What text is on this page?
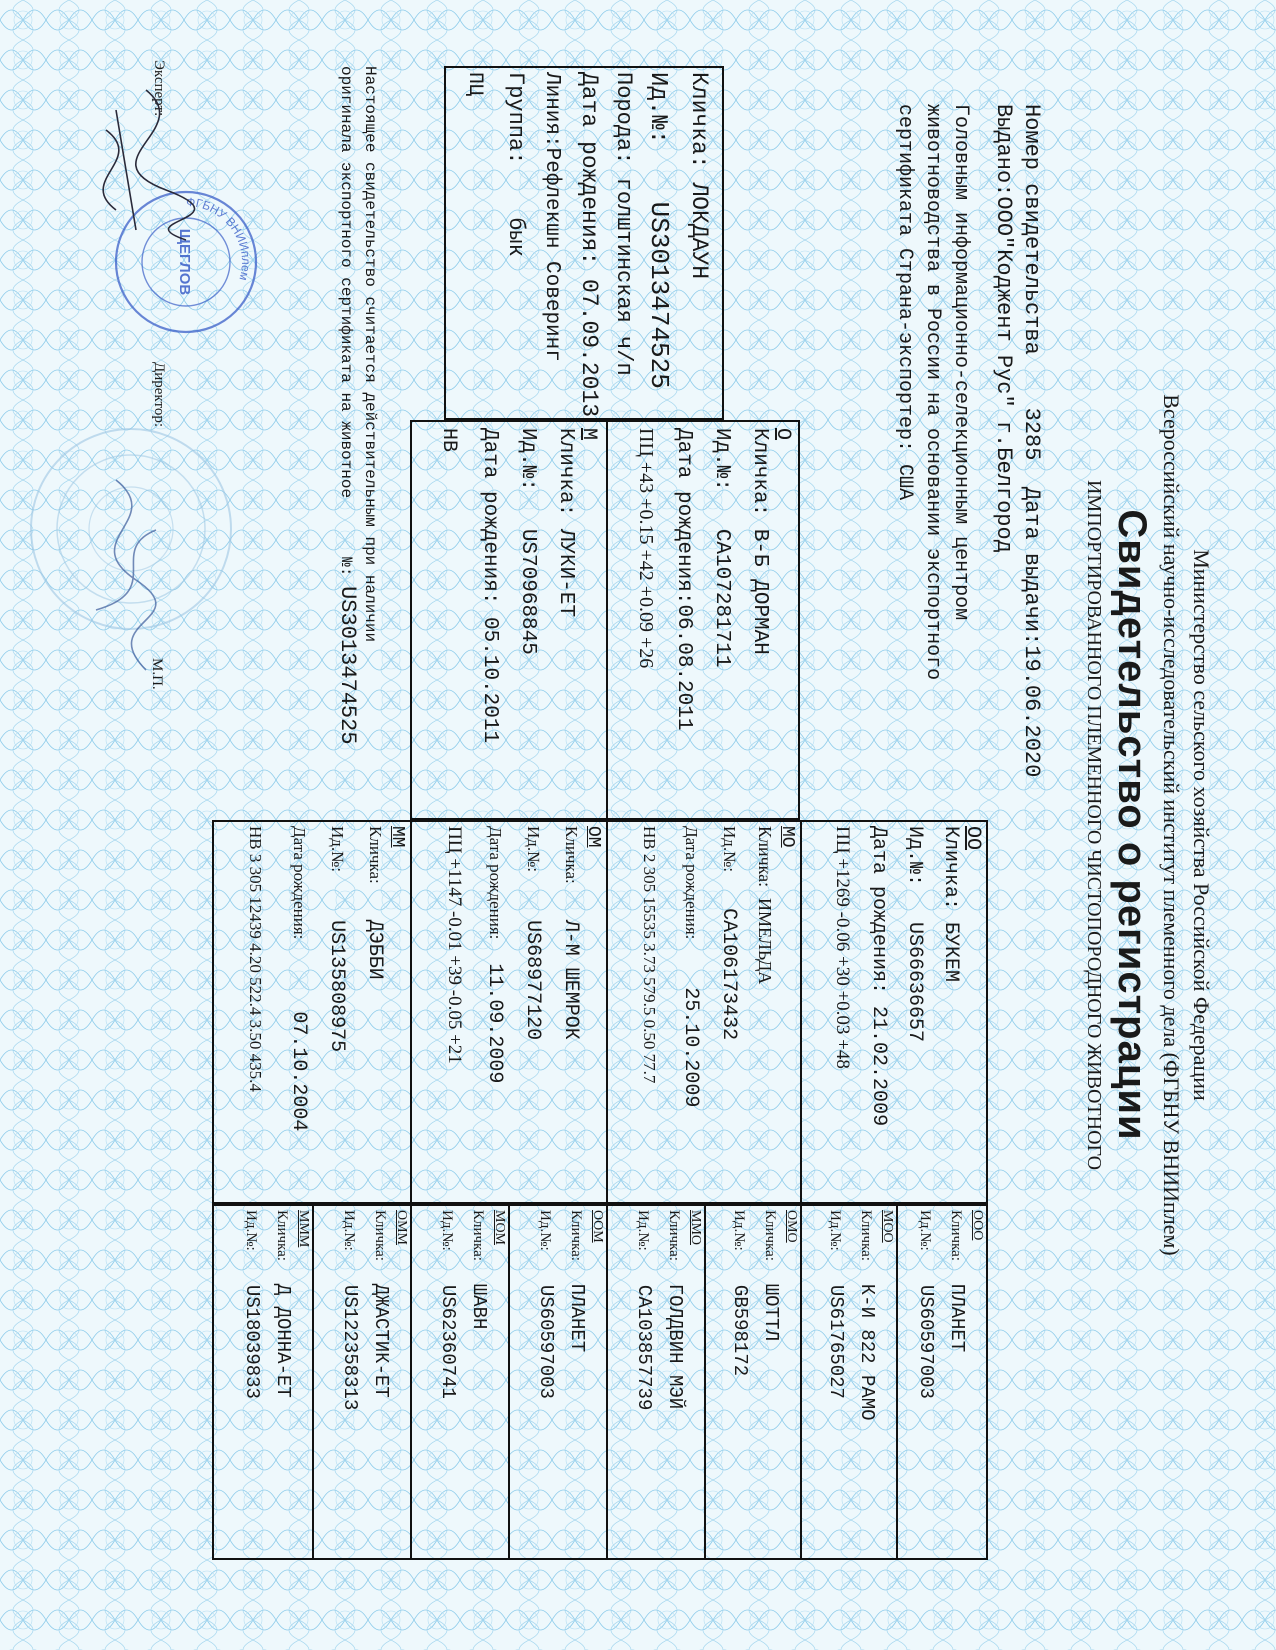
Министерство сельского хозяйства Российской Федерации
Всероссийский научно-исследовательский институт племенного дела (ФГБНУ ВНИИплем)
Свидетельство о регистрации
ИМПОРТИРОВАННОГО ПЛЕМЕННОГО ЧИСТОПОРОДНОГО ЖИВОТНОГО
Номер свидетельства    3285  Дата выдачи:19.06.2020
Выдано:ООО"Коджент Рус" г.Белгород
Головным информационно-селекционным центром
животноводства в России на основании экспортного
сертификата Страна-экспортер: США
Кличка: ЛОКДАУН
Ид.№:    US3013474525
Порода: голштинская ч/п
Дата рождения: 07.09.2013
Линия:Рефлекшн Соверинг
Группа:    бык
ПЦ
О
Кличка: В-Б ДОРМАН
Ид.№:   CA107281711
Дата рождения:06.08.2011
ПЦ +43 +0.15 +42 +0.09 +26
М
Кличка: ЛУКИ-ЕТ
Ид.№:   US70968845
Дата рождения: 05.10.2011
НВ
ОО
Кличка: БУКЕМ
Ид.№:   US66636657
Дата рождения: 21.02.2009
ПЦ +1269 -0.06 +30 +0.03 +48
МО
Кличка: ИМЕЛЬДА
Ид.№:   CA106173432
Дата рождения:    25.10.2009
НВ 2 305 15535 3.73 579.5 0.50 77.7
ОМ
Кличка:   Л-М ШЕМРОК
Ид.№:    US68977120
Дата рождения:  11.09.2009
ПЦ +1147 -0.01 +39 -0.05 +21
ММ
Кличка:   ДЭББИ
Ид.№:    US135808975
Дата рождения:      07.10.2004
НВ 3 305 12439 4.20 522.4 3.50 435.4
ООО
Кличка:  ПЛАНЕТ
Ид.№:   US60597003
МОО
Кличка:  К-И 822 РАМО
Ид.№:   US61765027
ОМО
Кличка:  ШОТТЛ
Ид.№:   GB598172
ММО
Кличка:  ГОЛДВИН МЭЙ
Ид.№:   CA103857739
ООМ
Кличка:  ПЛАНЕТ
Ид.№:   US60597003
МОМ
Кличка:  ШАВН
Ид.№:   US62360741
ОММ
Кличка:  ДЖАСТИК-ЕТ
Ид.№:   US122358313
МММ
Кличка:  Д ДОННА-ЕТ
Ид.№:   US18039833
Настоящее свидетельство считается действительным при наличии
оригинала экспортного сертификата на животное  №: US3013474525
Эксперт:
Директор:
М.П.
ФГБНУ ВНИИплем
ЩЕГЛОВ
